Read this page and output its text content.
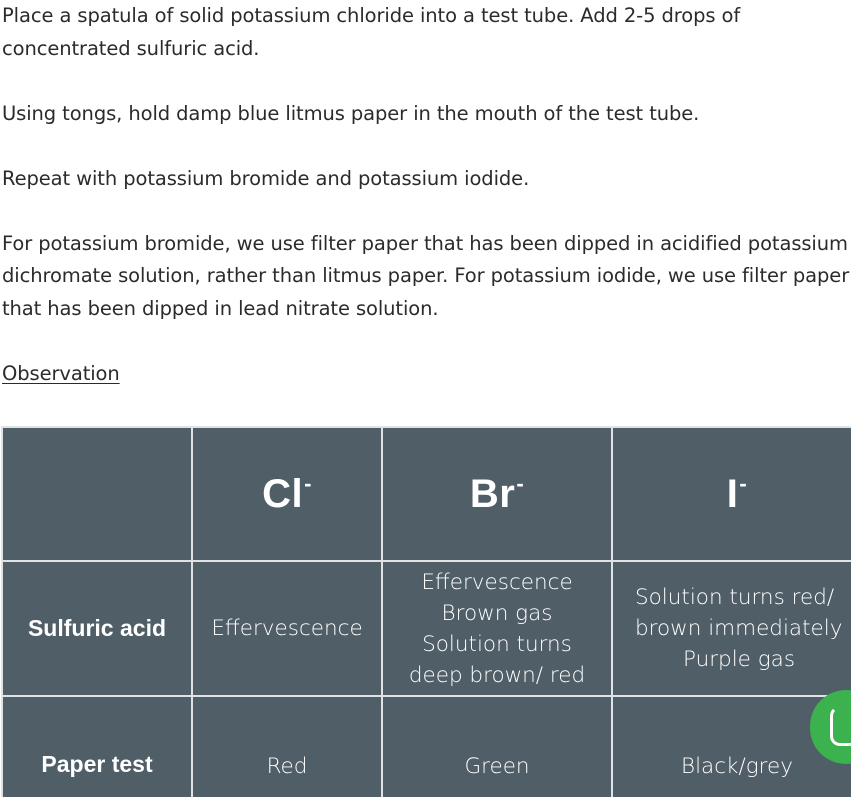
Place a spatula of solid potassium chloride into a test tube. Add 2-5 drops of concentrated sulfuric acid.

Using tongs, hold damp blue litmus paper in the mouth of the test tube.

Repeat with potassium bromide and potassium iodide.

For potassium bromide, we use filter paper that has been dipped in acidified potassium dichromate solution, rather than litmus paper. For potassium iodide, we use filter paper that has been dipped in lead nitrate solution.

Observation

	Cl-	Br-	I-
Sulfuric acid	Effervescence	Effervescence
Brown gas
Solution turns
deep brown/ red	Solution turns red/
brown immediately
Purple gas

Paper test	Red	Green	Black/grey
